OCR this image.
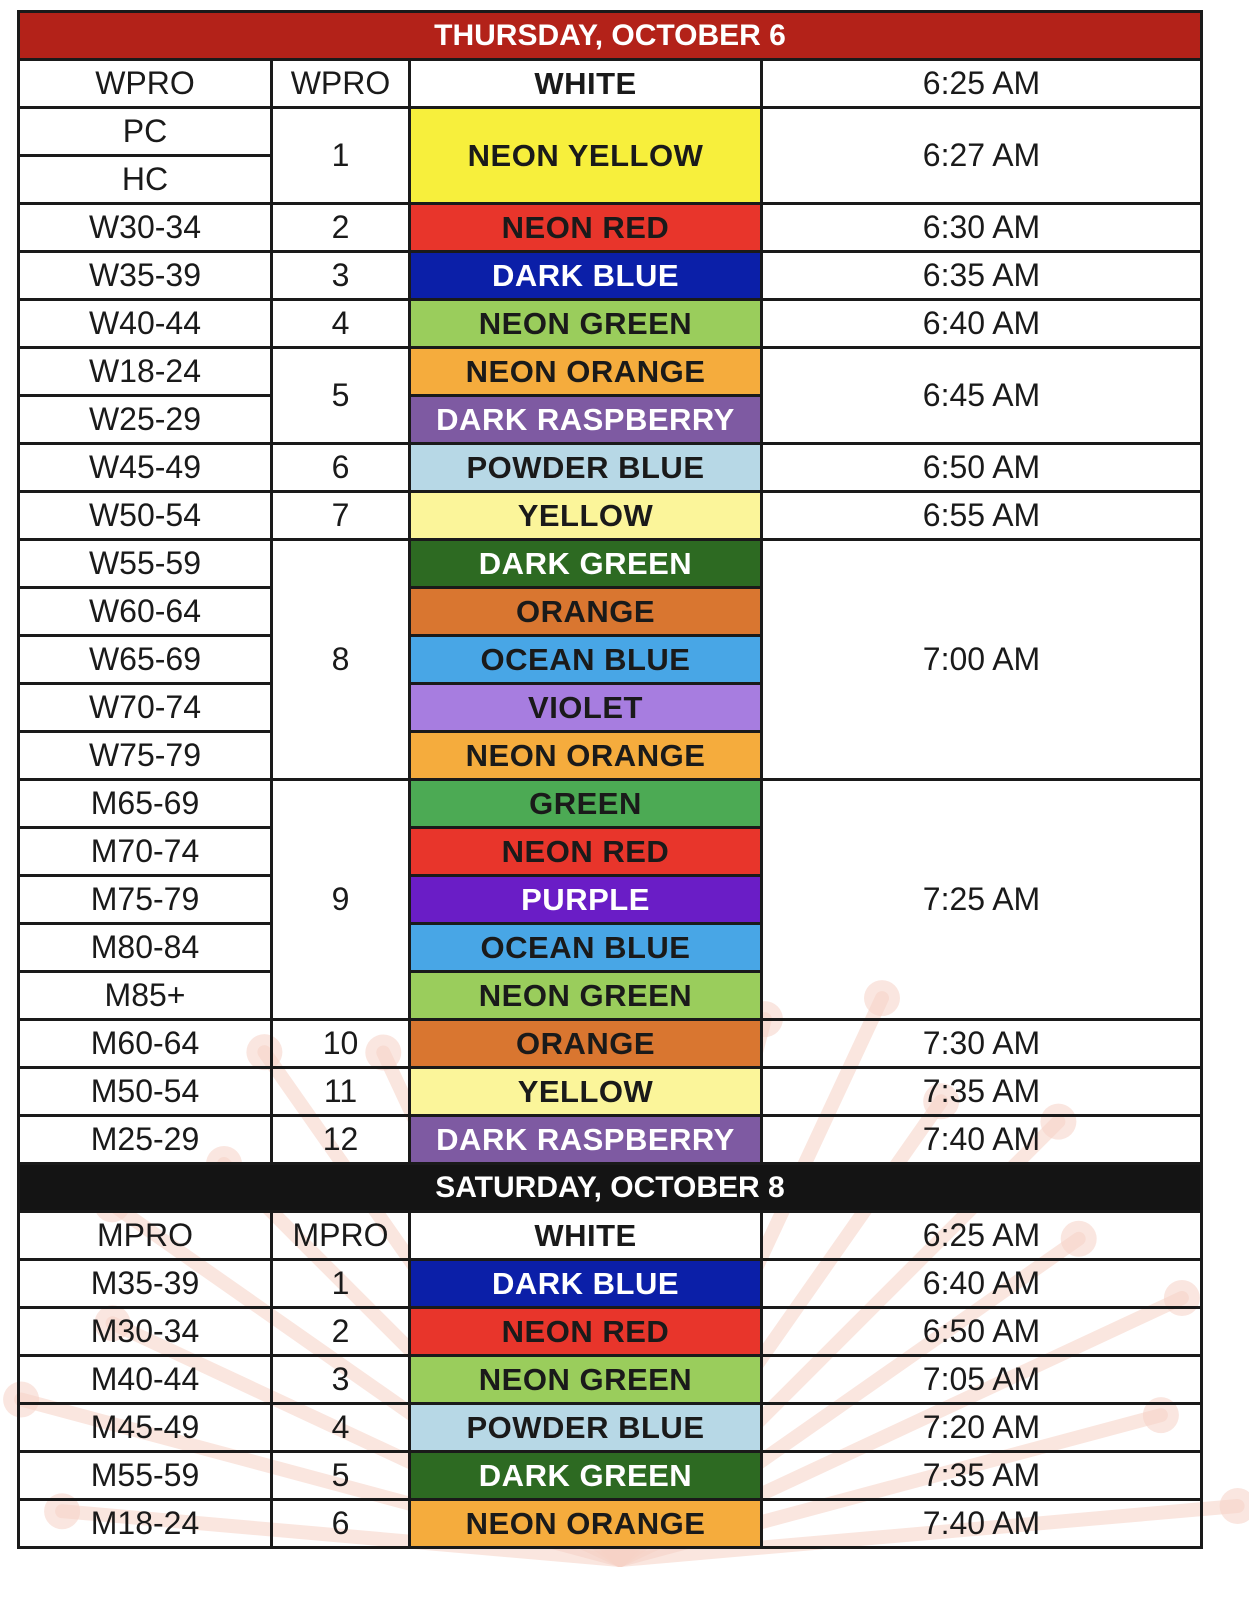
THURSDAY, OCTOBER 6			
WPRO	WPRO	WHITE	6:25 AM
PC	1	NEON YELLOW	6:27 AM
HC			
W30-34	2	NEON RED	6:30 AM
W35-39	3	DARK BLUE	6:35 AM
W40-44	4	NEON GREEN	6:40 AM
W18-24	5	NEON ORANGE	6:45 AM
W25-29		DARK RASPBERRY	
W45-49	6	POWDER BLUE	6:50 AM
W50-54	7	YELLOW	6:55 AM
W55-59	8	DARK GREEN	7:00 AM
W60-64		ORANGE	
W65-69		OCEAN BLUE	
W70-74		VIOLET	
W75-79		NEON ORANGE	
M65-69	9	GREEN	7:25 AM
M70-74		NEON RED	
M75-79		PURPLE	
M80-84		OCEAN BLUE	
M85+		NEON GREEN	
M60-64	10	ORANGE	7:30 AM
M50-54	11	YELLOW	7:35 AM
M25-29	12	DARK RASPBERRY	7:40 AM
SATURDAY, OCTOBER 8			
MPRO	MPRO	WHITE	6:25 AM
M35-39	1	DARK BLUE	6:40 AM
M30-34	2	NEON RED	6:50 AM
M40-44	3	NEON GREEN	7:05 AM
M45-49	4	POWDER BLUE	7:20 AM
M55-59	5	DARK GREEN	7:35 AM
M18-24	6	NEON ORANGE	7:40 AM
